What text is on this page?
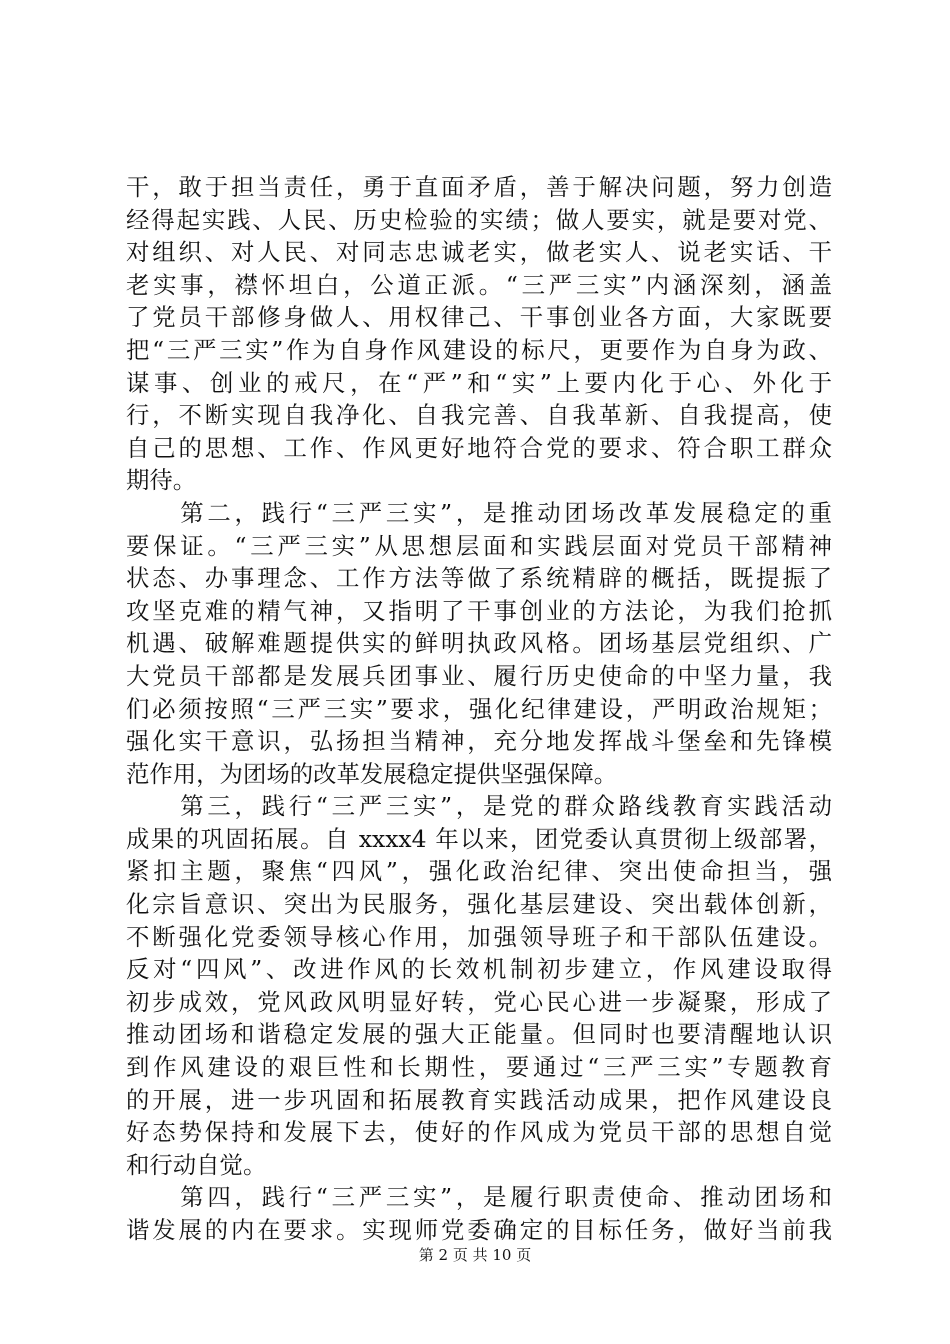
干，敢于担当责任，勇于直面矛盾，善于解决问题，努力创造
经得起实践、人民、历史检验的实绩；做人要实，就是要对党、
对组织、对人民、对同志忠诚老实，做老实人、说老实话、干
老实事，襟怀坦白，公道正派。“三严三实”内涵深刻，涵盖
了党员干部修身做人、用权律己、干事创业各方面，大家既要
把“三严三实”作为自身作风建设的标尺，更要作为自身为政、
谋事、创业的戒尺，在“严”和“实”上要内化于心、外化于
行，不断实现自我净化、自我完善、自我革新、自我提高，使
自己的思想、工作、作风更好地符合党的要求、符合职工群众
期待。
　　第二，践行“三严三实”，是推动团场改革发展稳定的重
要保证。“三严三实”从思想层面和实践层面对党员干部精神
状态、办事理念、工作方法等做了系统精辟的概括，既提振了
攻坚克难的精气神，又指明了干事创业的方法论，为我们抢抓
机遇、破解难题提供实的鲜明执政风格。团场基层党组织、广
大党员干部都是发展兵团事业、履行历史使命的中坚力量，我
们必须按照“三严三实”要求，强化纪律建设，严明政治规矩；
强化实干意识，弘扬担当精神，充分地发挥战斗堡垒和先锋模
范作用，为团场的改革发展稳定提供坚强保障。
　　第三，践行“三严三实”，是党的群众路线教育实践活动
成果的巩固拓展。自 xxxx4 年以来，团党委认真贯彻上级部署，
紧扣主题，聚焦“四风”，强化政治纪律、突出使命担当，强
化宗旨意识、突出为民服务，强化基层建设、突出载体创新，
不断强化党委领导核心作用，加强领导班子和干部队伍建设。
反对“四风”、改进作风的长效机制初步建立，作风建设取得
初步成效，党风政风明显好转，党心民心进一步凝聚，形成了
推动团场和谐稳定发展的强大正能量。但同时也要清醒地认识
到作风建设的艰巨性和长期性，要通过“三严三实”专题教育
的开展，进一步巩固和拓展教育实践活动成果，把作风建设良
好态势保持和发展下去，使好的作风成为党员干部的思想自觉
和行动自觉。
　　第四，践行“三严三实”，是履行职责使命、推动团场和
谐发展的内在要求。实现师党委确定的目标任务，做好当前我
第 2 页 共 10 页
